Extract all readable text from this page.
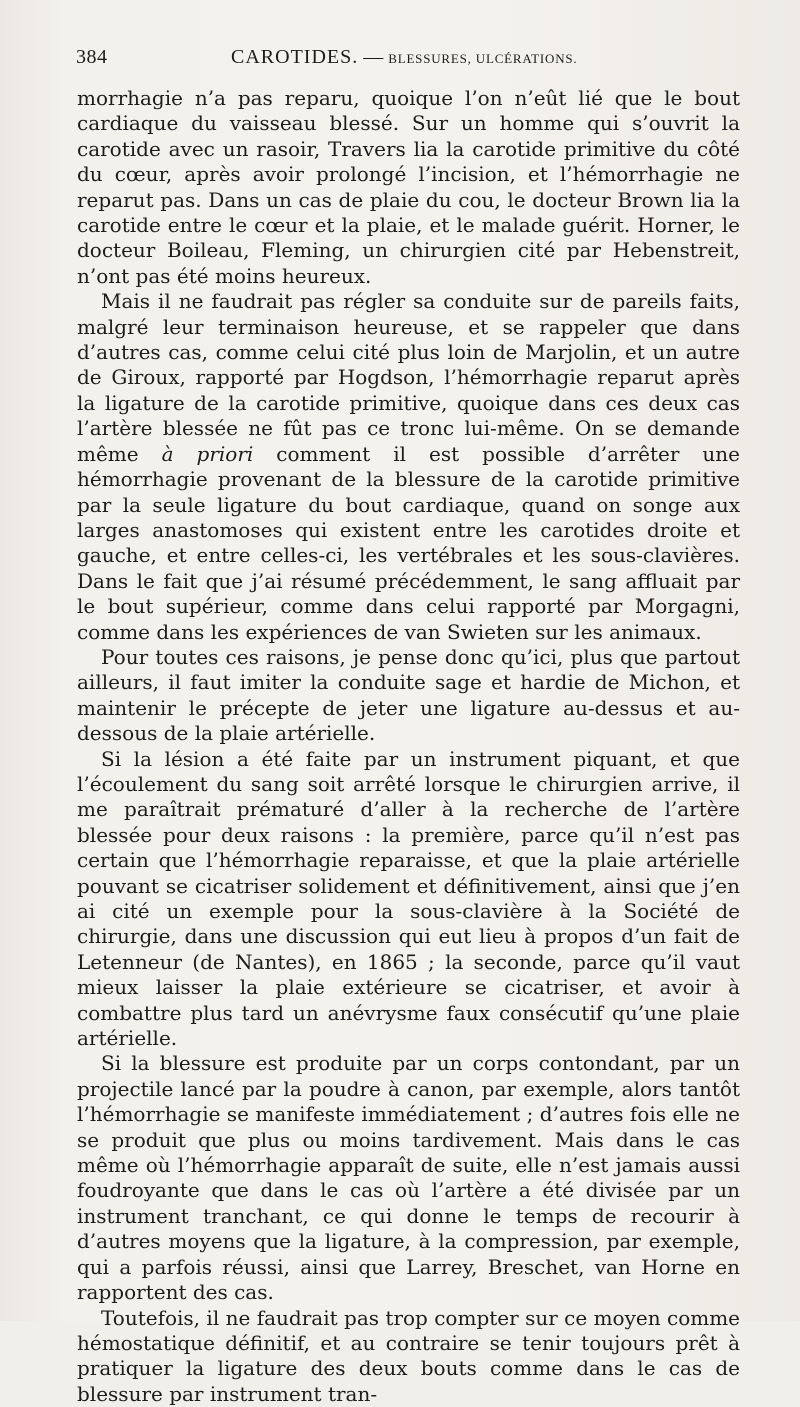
384	CAROTIDES. — BLESSURES, ULCÉRATIONS.

morrhagie n’a pas reparu, quoique l’on n’eût lié que le bout cardiaque du vaisseau blessé. Sur un homme qui s’ouvrit la carotide avec un rasoir, Travers lia la carotide primitive du côté du cœur, après avoir prolongé l’incision, et l’hémorrhagie ne reparut pas. Dans un cas de plaie du cou, le docteur Brown lia la carotide entre le cœur et la plaie, et le malade guérit. Horner, le docteur Boileau, Fleming, un chirurgien cité par Hebenstreit, n’ont pas été moins heureux.

Mais il ne faudrait pas régler sa conduite sur de pareils faits, malgré leur terminaison heureuse, et se rappeler que dans d’autres cas, comme celui cité plus loin de Marjolin, et un autre de Giroux, rapporté par Hogdson, l’hémorrhagie reparut après la ligature de la carotide primitive, quoique dans ces deux cas l’artère blessée ne fût pas ce tronc lui-même. On se demande même à priori comment il est possible d’arrêter une hémorrhagie provenant de la blessure de la carotide primitive par la seule ligature du bout cardiaque, quand on songe aux larges anastomoses qui existent entre les carotides droite et gauche, et entre celles-ci, les vertébrales et les sous-clavières. Dans le fait que j’ai résumé précédemment, le sang affluait par le bout supérieur, comme dans celui rapporté par Morgagni, comme dans les expériences de van Swieten sur les animaux.

Pour toutes ces raisons, je pense donc qu’ici, plus que partout ailleurs, il faut imiter la conduite sage et hardie de Michon, et maintenir le précepte de jeter une ligature au-dessus et au-dessous de la plaie artérielle.

Si la lésion a été faite par un instrument piquant, et que l’écoulement du sang soit arrêté lorsque le chirurgien arrive, il me paraîtrait prématuré d’aller à la recherche de l’artère blessée pour deux raisons : la première, parce qu’il n’est pas certain que l’hémorrhagie reparaisse, et que la plaie artérielle pouvant se cicatriser solidement et définitivement, ainsi que j’en ai cité un exemple pour la sous-clavière à la Société de chirurgie, dans une discussion qui eut lieu à propos d’un fait de Letenneur (de Nantes), en 1865 ; la seconde, parce qu’il vaut mieux laisser la plaie extérieure se cicatriser, et avoir à combattre plus tard un anévrysme faux consécutif qu’une plaie artérielle.

Si la blessure est produite par un corps contondant, par un projectile lancé par la poudre à canon, par exemple, alors tantôt l’hémorrhagie se manifeste immédiatement ; d’autres fois elle ne se produit que plus ou moins tardivement. Mais dans le cas même où l’hémorrhagie apparaît de suite, elle n’est jamais aussi foudroyante que dans le cas où l’artère a été divisée par un instrument tranchant, ce qui donne le temps de recourir à d’autres moyens que la ligature, à la compression, par exemple, qui a parfois réussi, ainsi que Larrey, Breschet, van Horne en rapportent des cas.

Toutefois, il ne faudrait pas trop compter sur ce moyen comme hémostatique définitif, et au contraire se tenir toujours prêt à pratiquer la ligature des deux bouts comme dans le cas de blessure par instrument tran-
